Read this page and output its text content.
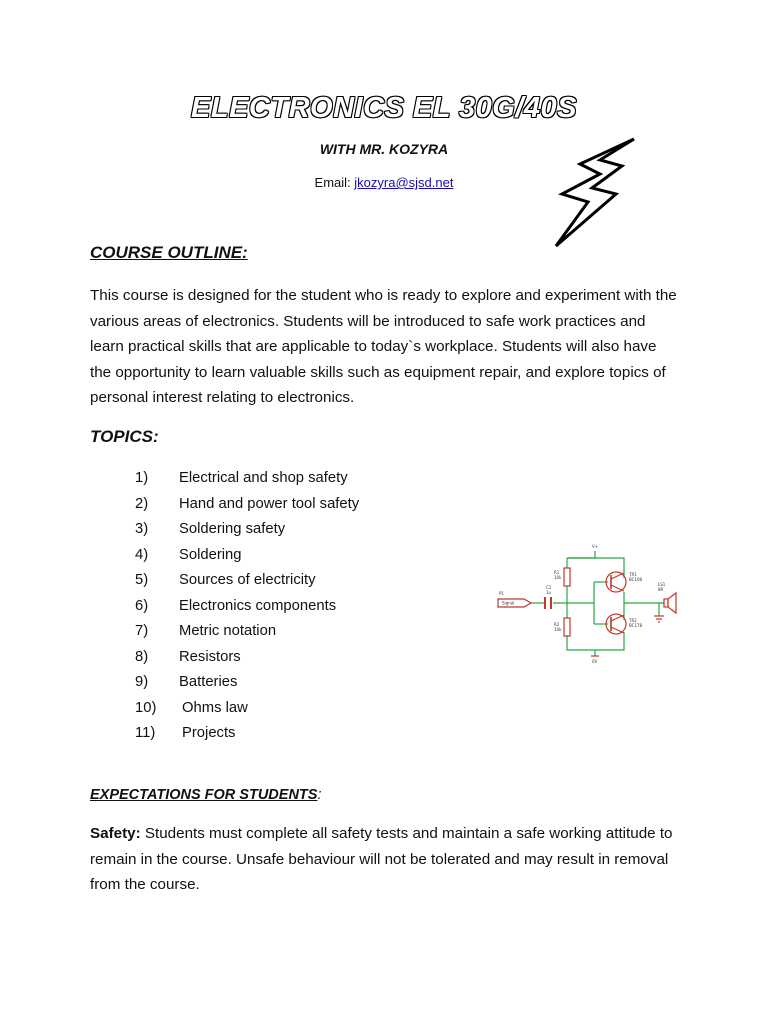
ELECTRONICS EL 30G/40S
WITH MR. KOZYRA
Email: jkozyra@sjsd.net
COURSE OUTLINE:
This course is designed for the student who is ready to explore and experiment with the various areas of electronics. Students will be introduced to safe work practices and learn practical skills that are applicable to today`s workplace. Students will also have the opportunity to learn valuable skills such as equipment repair, and explore topics of personal interest relating to electronics.
TOPICS:
1)	Electrical and shop safety
2)	Hand and power tool safety
3)	Soldering safety
4)	Soldering
5)	Sources of electricity
6)	Electronics components
7)	Metric notation
8)	Resistors
9)	Batteries
10)	Ohms law
11)	Projects
V+
R1
10k
R2
10k
C1
1u
P1
Signal
TR1
BC108
TR2
BC178
LS1
8R
0V
EXPECTATIONS FOR STUDENTS:
Safety: Students must complete all safety tests and maintain a safe working attitude to remain in the course. Unsafe behaviour will not be tolerated and may result in removal from the course.
